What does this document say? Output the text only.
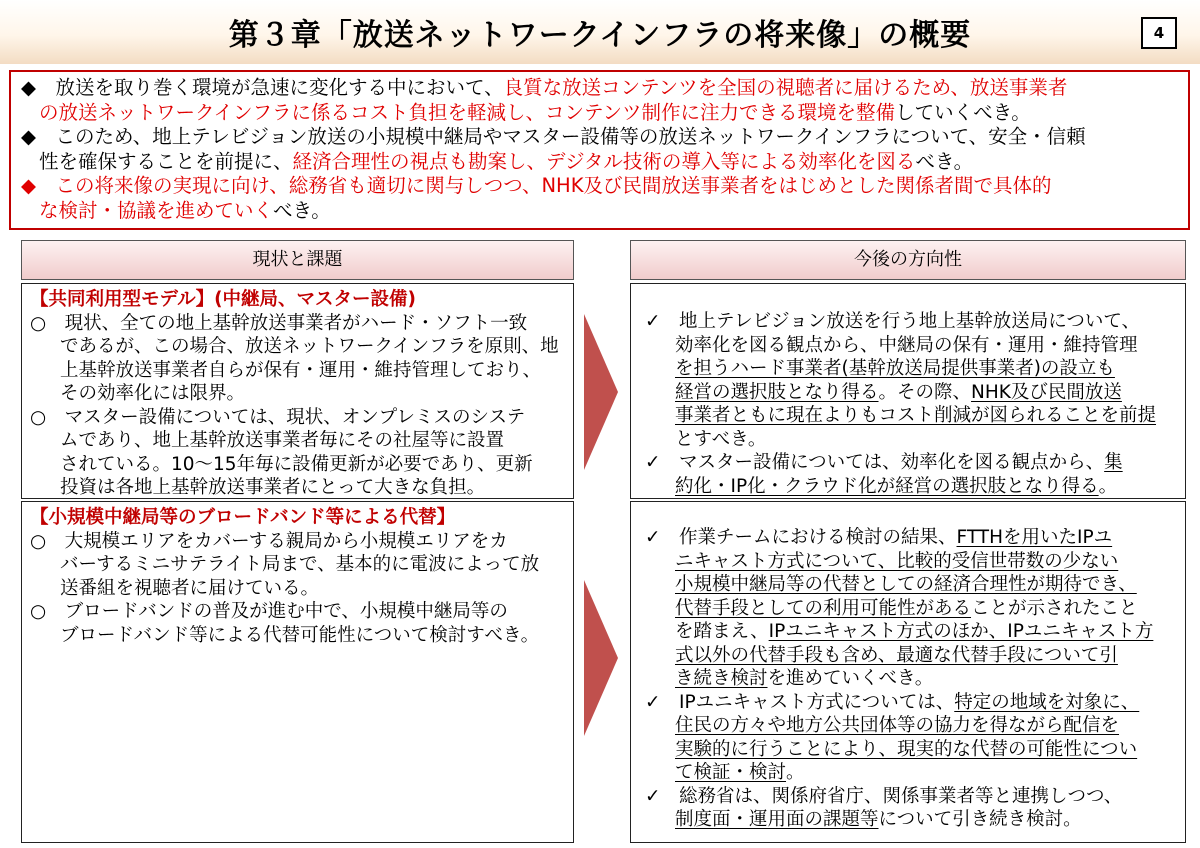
第３章「放送ネットワークインフラの将来像」の概要	4
◆　放送を取り巻く環境が急速に変化する中において、良質な放送コンテンツを全国の視聴者に届けるため、放送事業者
の放送ネットワークインフラに係るコスト負担を軽減し、コンテンツ制作に注力できる環境を整備していくべき。
◆　このため、地上テレビジョン放送の小規模中継局やマスター設備等の放送ネットワークインフラについて、安全・信頼
性を確保することを前提に、経済合理性の視点も勘案し、デジタル技術の導入等による効率化を図るべき。
◆　この将来像の実現に向け、総務省も適切に関与しつつ、NHK及び民間放送事業者をはじめとした関係者間で具体的
な検討・協議を進めていくべき。
現状と課題	今後の方向性
【共同利用型モデル】(中継局、マスター設備)
○　現状、全ての地上基幹放送事業者がハード・ソフト一致
であるが、この場合、放送ネットワークインフラを原則、地
上基幹放送事業者自らが保有・運用・維持管理しており、
その効率化には限界。
○　マスター設備については、現状、オンプレミスのシステ
ムであり、地上基幹放送事業者毎にその社屋等に設置
されている。10～15年毎に設備更新が必要であり、更新
投資は各地上基幹放送事業者にとって大きな負担。
【小規模中継局等のブロードバンド等による代替】
○　大規模エリアをカバーする親局から小規模エリアをカ
バーするミニサテライト局まで、基本的に電波によって放
送番組を視聴者に届けている。
○　ブロードバンドの普及が進む中で、小規模中継局等の
ブロードバンド等による代替可能性について検討すべき。
✓　地上テレビジョン放送を行う地上基幹放送局について、
効率化を図る観点から、中継局の保有・運用・維持管理
を担うハード事業者(基幹放送局提供事業者)の設立も
経営の選択肢となり得る。その際、NHK及び民間放送
事業者ともに現在よりもコスト削減が図られることを前提
とすべき。
✓　マスター設備については、効率化を図る観点から、集
約化・IP化・クラウド化が経営の選択肢となり得る。
✓　作業チームにおける検討の結果、FTTHを用いたIPユ
ニキャスト方式について、比較的受信世帯数の少ない
小規模中継局等の代替としての経済合理性が期待でき、
代替手段としての利用可能性があることが示されたこと
を踏まえ、IPユニキャスト方式のほか、IPユニキャスト方
式以外の代替手段も含め、最適な代替手段について引
き続き検討を進めていくべき。
✓　IPユニキャスト方式については、特定の地域を対象に、
住民の方々や地方公共団体等の協力を得ながら配信を
実験的に行うことにより、現実的な代替の可能性につい
て検証・検討。
✓　総務省は、関係府省庁、関係事業者等と連携しつつ、
制度面・運用面の課題等について引き続き検討。
